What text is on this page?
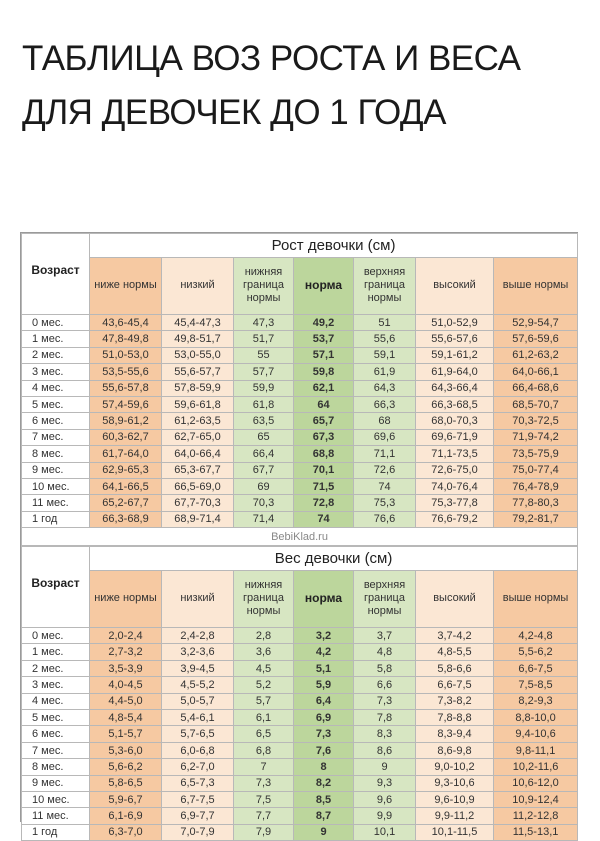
ТАБЛИЦА ВОЗ РОСТА И ВЕСА ДЛЯ ДЕВОЧЕК ДО 1 ГОДА
Возраст	Рост девочки (см)						
	ниже нормы	низкий	нижняя граница нормы	норма	верхняя граница нормы	высокий	выше нормы
0 мес.	43,6-45,4	45,4-47,3	47,3	49,2	51	51,0-52,9	52,9-54,7
1 мес.	47,8-49,8	49,8-51,7	51,7	53,7	55,6	55,6-57,6	57,6-59,6
2 мес.	51,0-53,0	53,0-55,0	55	57,1	59,1	59,1-61,2	61,2-63,2
3 мес.	53,5-55,6	55,6-57,7	57,7	59,8	61,9	61,9-64,0	64,0-66,1
4 мес.	55,6-57,8	57,8-59,9	59,9	62,1	64,3	64,3-66,4	66,4-68,6
5 мес.	57,4-59,6	59,6-61,8	61,8	64	66,3	66,3-68,5	68,5-70,7
6 мес.	58,9-61,2	61,2-63,5	63,5	65,7	68	68,0-70,3	70,3-72,5
7 мес.	60,3-62,7	62,7-65,0	65	67,3	69,6	69,6-71,9	71,9-74,2
8 мес.	61,7-64,0	64,0-66,4	66,4	68,8	71,1	71,1-73,5	73,5-75,9
9 мес.	62,9-65,3	65,3-67,7	67,7	70,1	72,6	72,6-75,0	75,0-77,4
10 мес.	64,1-66,5	66,5-69,0	69	71,5	74	74,0-76,4	76,4-78,9
11 мес.	65,2-67,7	67,7-70,3	70,3	72,8	75,3	75,3-77,8	77,8-80,3
1 год	66,3-68,9	68,9-71,4	71,4	74	76,6	76,6-79,2	79,2-81,7
BebiKlad.ru							
Возраст	Вес девочки (см)						
	ниже нормы	низкий	нижняя граница нормы	норма	верхняя граница нормы	высокий	выше нормы
0 мес.	2,0-2,4	2,4-2,8	2,8	3,2	3,7	3,7-4,2	4,2-4,8
1 мес.	2,7-3,2	3,2-3,6	3,6	4,2	4,8	4,8-5,5	5,5-6,2
2 мес.	3,5-3,9	3,9-4,5	4,5	5,1	5,8	5,8-6,6	6,6-7,5
3 мес.	4,0-4,5	4,5-5,2	5,2	5,9	6,6	6,6-7,5	7,5-8,5
4 мес.	4,4-5,0	5,0-5,7	5,7	6,4	7,3	7,3-8,2	8,2-9,3
5 мес.	4,8-5,4	5,4-6,1	6,1	6,9	7,8	7,8-8,8	8,8-10,0
6 мес.	5,1-5,7	5,7-6,5	6,5	7,3	8,3	8,3-9,4	9,4-10,6
7 мес.	5,3-6,0	6,0-6,8	6,8	7,6	8,6	8,6-9,8	9,8-11,1
8 мес.	5,6-6,2	6,2-7,0	7	8	9	9,0-10,2	10,2-11,6
9 мес.	5,8-6,5	6,5-7,3	7,3	8,2	9,3	9,3-10,6	10,6-12,0
10 мес.	5,9-6,7	6,7-7,5	7,5	8,5	9,6	9,6-10,9	10,9-12,4
11 мес.	6,1-6,9	6,9-7,7	7,7	8,7	9,9	9,9-11,2	11,2-12,8
1 год	6,3-7,0	7,0-7,9	7,9	9	10,1	10,1-11,5	11,5-13,1
